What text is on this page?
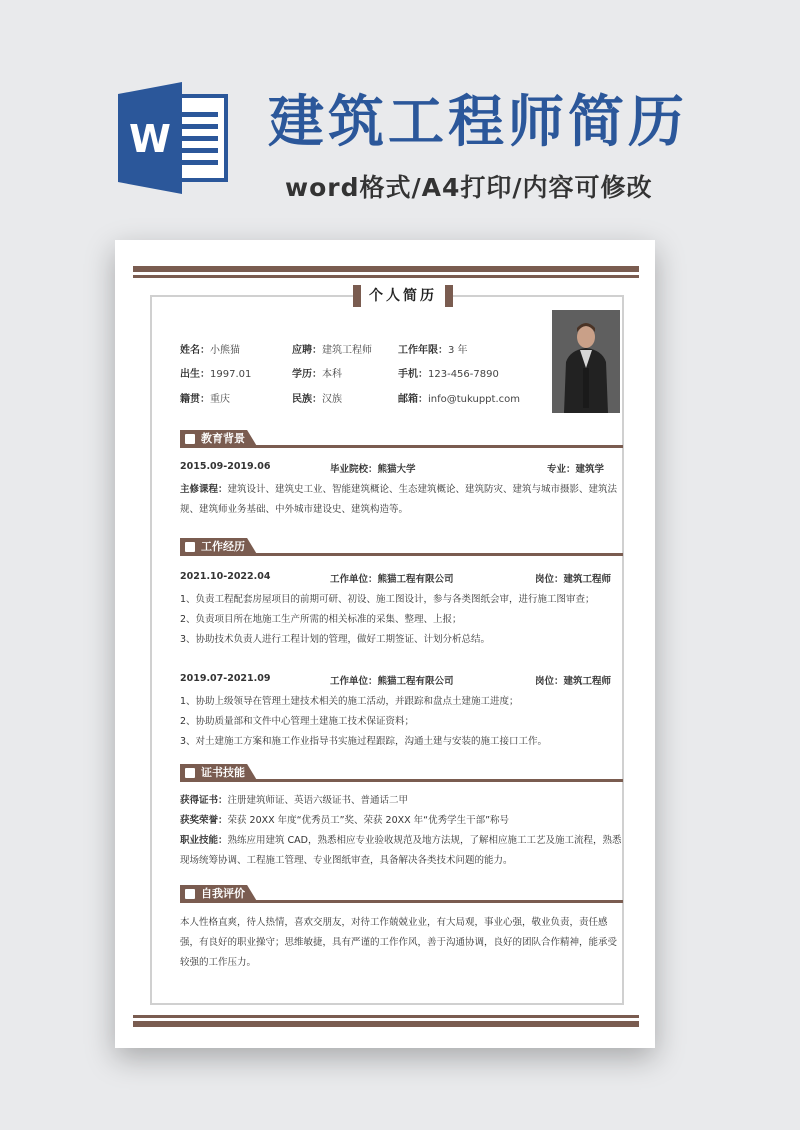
W 建筑工程师简历

word格式/A4打印/内容可修改

个人简历
姓名：小熊猫	应聘：建筑工程师	工作年限：3 年
出生：1997.01	学历：本科	手机：123-456-7890
籍贯：重庆	民族：汉族	邮箱：info@tukuppt.com
教育背景
2015.09-2019.06	毕业院校：熊猫大学	专业：建筑学
主修课程：建筑设计、建筑史工业、智能建筑概论、生态建筑概论、建筑防灾、建筑与城市摄影、建筑法规、建筑师业务基础、中外城市建设史、建筑构造等。
工作经历
2021.10-2022.04	工作单位：熊猫工程有限公司	岗位：建筑工程师
1、负责工程配套房屋项目的前期可研、初设、施工图设计，参与各类图纸会审，进行施工图审查；
2、负责项目所在地施工生产所需的相关标准的采集、整理、上报；
3、协助技术负责人进行工程计划的管理，做好工期签证、计划分析总结。
2019.07-2021.09	工作单位：熊猫工程有限公司	岗位：建筑工程师
1、协助上级领导在管理土建技术相关的施工活动，并跟踪和盘点土建施工进度；
2、协助质量部和文件中心管理土建施工技术保证资料；
3、对土建施工方案和施工作业指导书实施过程跟踪，沟通土建与安装的施工接口工作。
证书技能
获得证书：注册建筑师证、英语六级证书、普通话二甲
获奖荣誉：荣获 20XX 年度“优秀员工”奖、荣获 20XX 年“优秀学生干部”称号
职业技能：熟练应用建筑 CAD，熟悉相应专业验收规范及地方法规，了解相应施工工艺及施工流程，熟悉现场统筹协调、工程施工管理、专业图纸审查，具备解决各类技术问题的能力。
自我评价
本人性格直爽，待人热情，喜欢交朋友，对待工作兢兢业业，有大局观，事业心强，敬业负责，责任感强，有良好的职业操守；思维敏捷，具有严谨的工作作风，善于沟通协调，良好的团队合作精神，能承受较强的工作压力。
